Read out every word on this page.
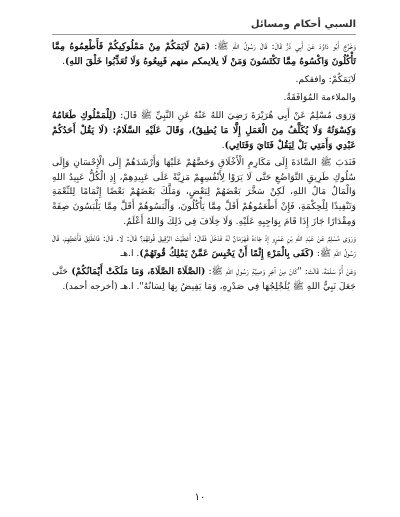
السبي أحكام ومسائل

وَخَرَّجَ أَبُو دَاوُدَ عَنْ أَبِي ذَرٍّ قَالَ: قَالَ رَسُولُ اللهِ ﷺ: (مَنْ لَايَمَكُمْ مِنْ مَمْلُوكِيكُمْ فَأَطْعِمُوهُ مِمَّا تَأْكُلُونَ وَاكْسُوهُ مِمَّا تَكْتَسُونَ وَمَنْ لَا يلايمكم منهم فَبِيعُوهُ وَلَا تُعَذِّبُوا خَلْقَ اللهِ).

لَايَمَكُمْ: وافقكم.

والملاءمة المُوَافَقَةُ.

وَرَوَى مُسْلِمٌ عَنْ أَبِي هُرَيْرَةَ رَضِيَ اللهُ عَنْهُ عَنِ النَّبِيِّ ﷺ قَالَ: (لِلْمَمْلُوكِ طَعَامُهُ وَكِسْوَتُهُ وَلَا يُكَلَّفُ مِنَ الْعَمَلِ إِلَّا مَا يُطِيقُ)، وَقَالَ عَلَيْهِ السَّلَامُ: (لَا يَقُلْ أَحَدُكُمْ عَبْدِي وَأَمَتِي بَلْ لِيَقُلْ فَتَايَ وَفَتَاتِي).

فَنَدَبَ ﷺ السَّادَةَ إِلَى مَكَارِمِ الْأَخْلَاقِ وَحَضَّهُمْ عَلَيْهَا وَأَرْشَدَهُمْ إِلَى الْإِحْسَانِ وَإِلَى سُلُوكِ طَرِيقِ التَّوَاضُعِ حَتَّى لَا يَرَوْا لِأَنْفُسِهِمْ مَزِيَّةً عَلَى عَبِيدِهِمْ، إِذِ الْكُلُّ عَبِيدُ اللهِ وَالْمَالُ مَالُ اللهِ، لَكِنْ سَخَّرَ بَعْضَهُمْ لِبَعْضٍ، وَمَلَّكَ بَعْضَهُمْ بَعْضًا إِتْمَامًا لِلنِّعْمَةِ وَتَنْفِيذًا لِلْحِكْمَةِ، فَإِنْ أَطْعَمُوهُمْ أَقَلَّ مِمَّا يَأْكُلُونَ، وَأَلْبَسُوهُمْ أَقَلَّ مِمَّا يَلْبَسُونَ صِفَةً وَمِقْدَارًا جَازَ إِذَا قَامَ بِوَاجِبِهِ عَلَيْهِ. وَلَا خِلَافَ فِي ذَلِكَ وَاللهُ أَعْلَمُ.

وَرَوَى مُسْلِمٌ عَنْ عَبْدِ اللهِ بْنِ عَمْرٍو إِذْ جَاءَهُ قَهْرَمَانٌ لَهُ فَدَخَلَ فَقَالَ: أَعْطَيْتَ الرَّقِيقَ قُوتَهُمْ؟ قَالَ: لَا. قَالَ: فَانْطَلِقْ فَأَعْطِهِمْ، قَالَ رَسُولُ اللهِ ﷺ: (كَفَى بِالْمَرْءِ إِثْمًا أَنْ يَحْبِسَ عَمَّنْ يَمْلِكُ قُوتَهُمْ). ا.هـ

وَعَنْ أُمِّ سَلَمَةَ، قَالَتْ: "كَانَ مِنْ آخِرِ وَصِيَّةِ رَسُولِ اللهِ ﷺ: (الصَّلَاةَ الصَّلَاةَ، وَمَا مَلَكَتْ أَيْمَانُكُمْ) حَتَّى جَعَلَ نَبِيُّ اللهِ ﷺ يُلَجْلِجُهَا فِي صَدْرِهِ، وَمَا يَفِيضُ بِهَا لِسَانُهُ". ا.هـ (أخرجه أحمد).

١٠
